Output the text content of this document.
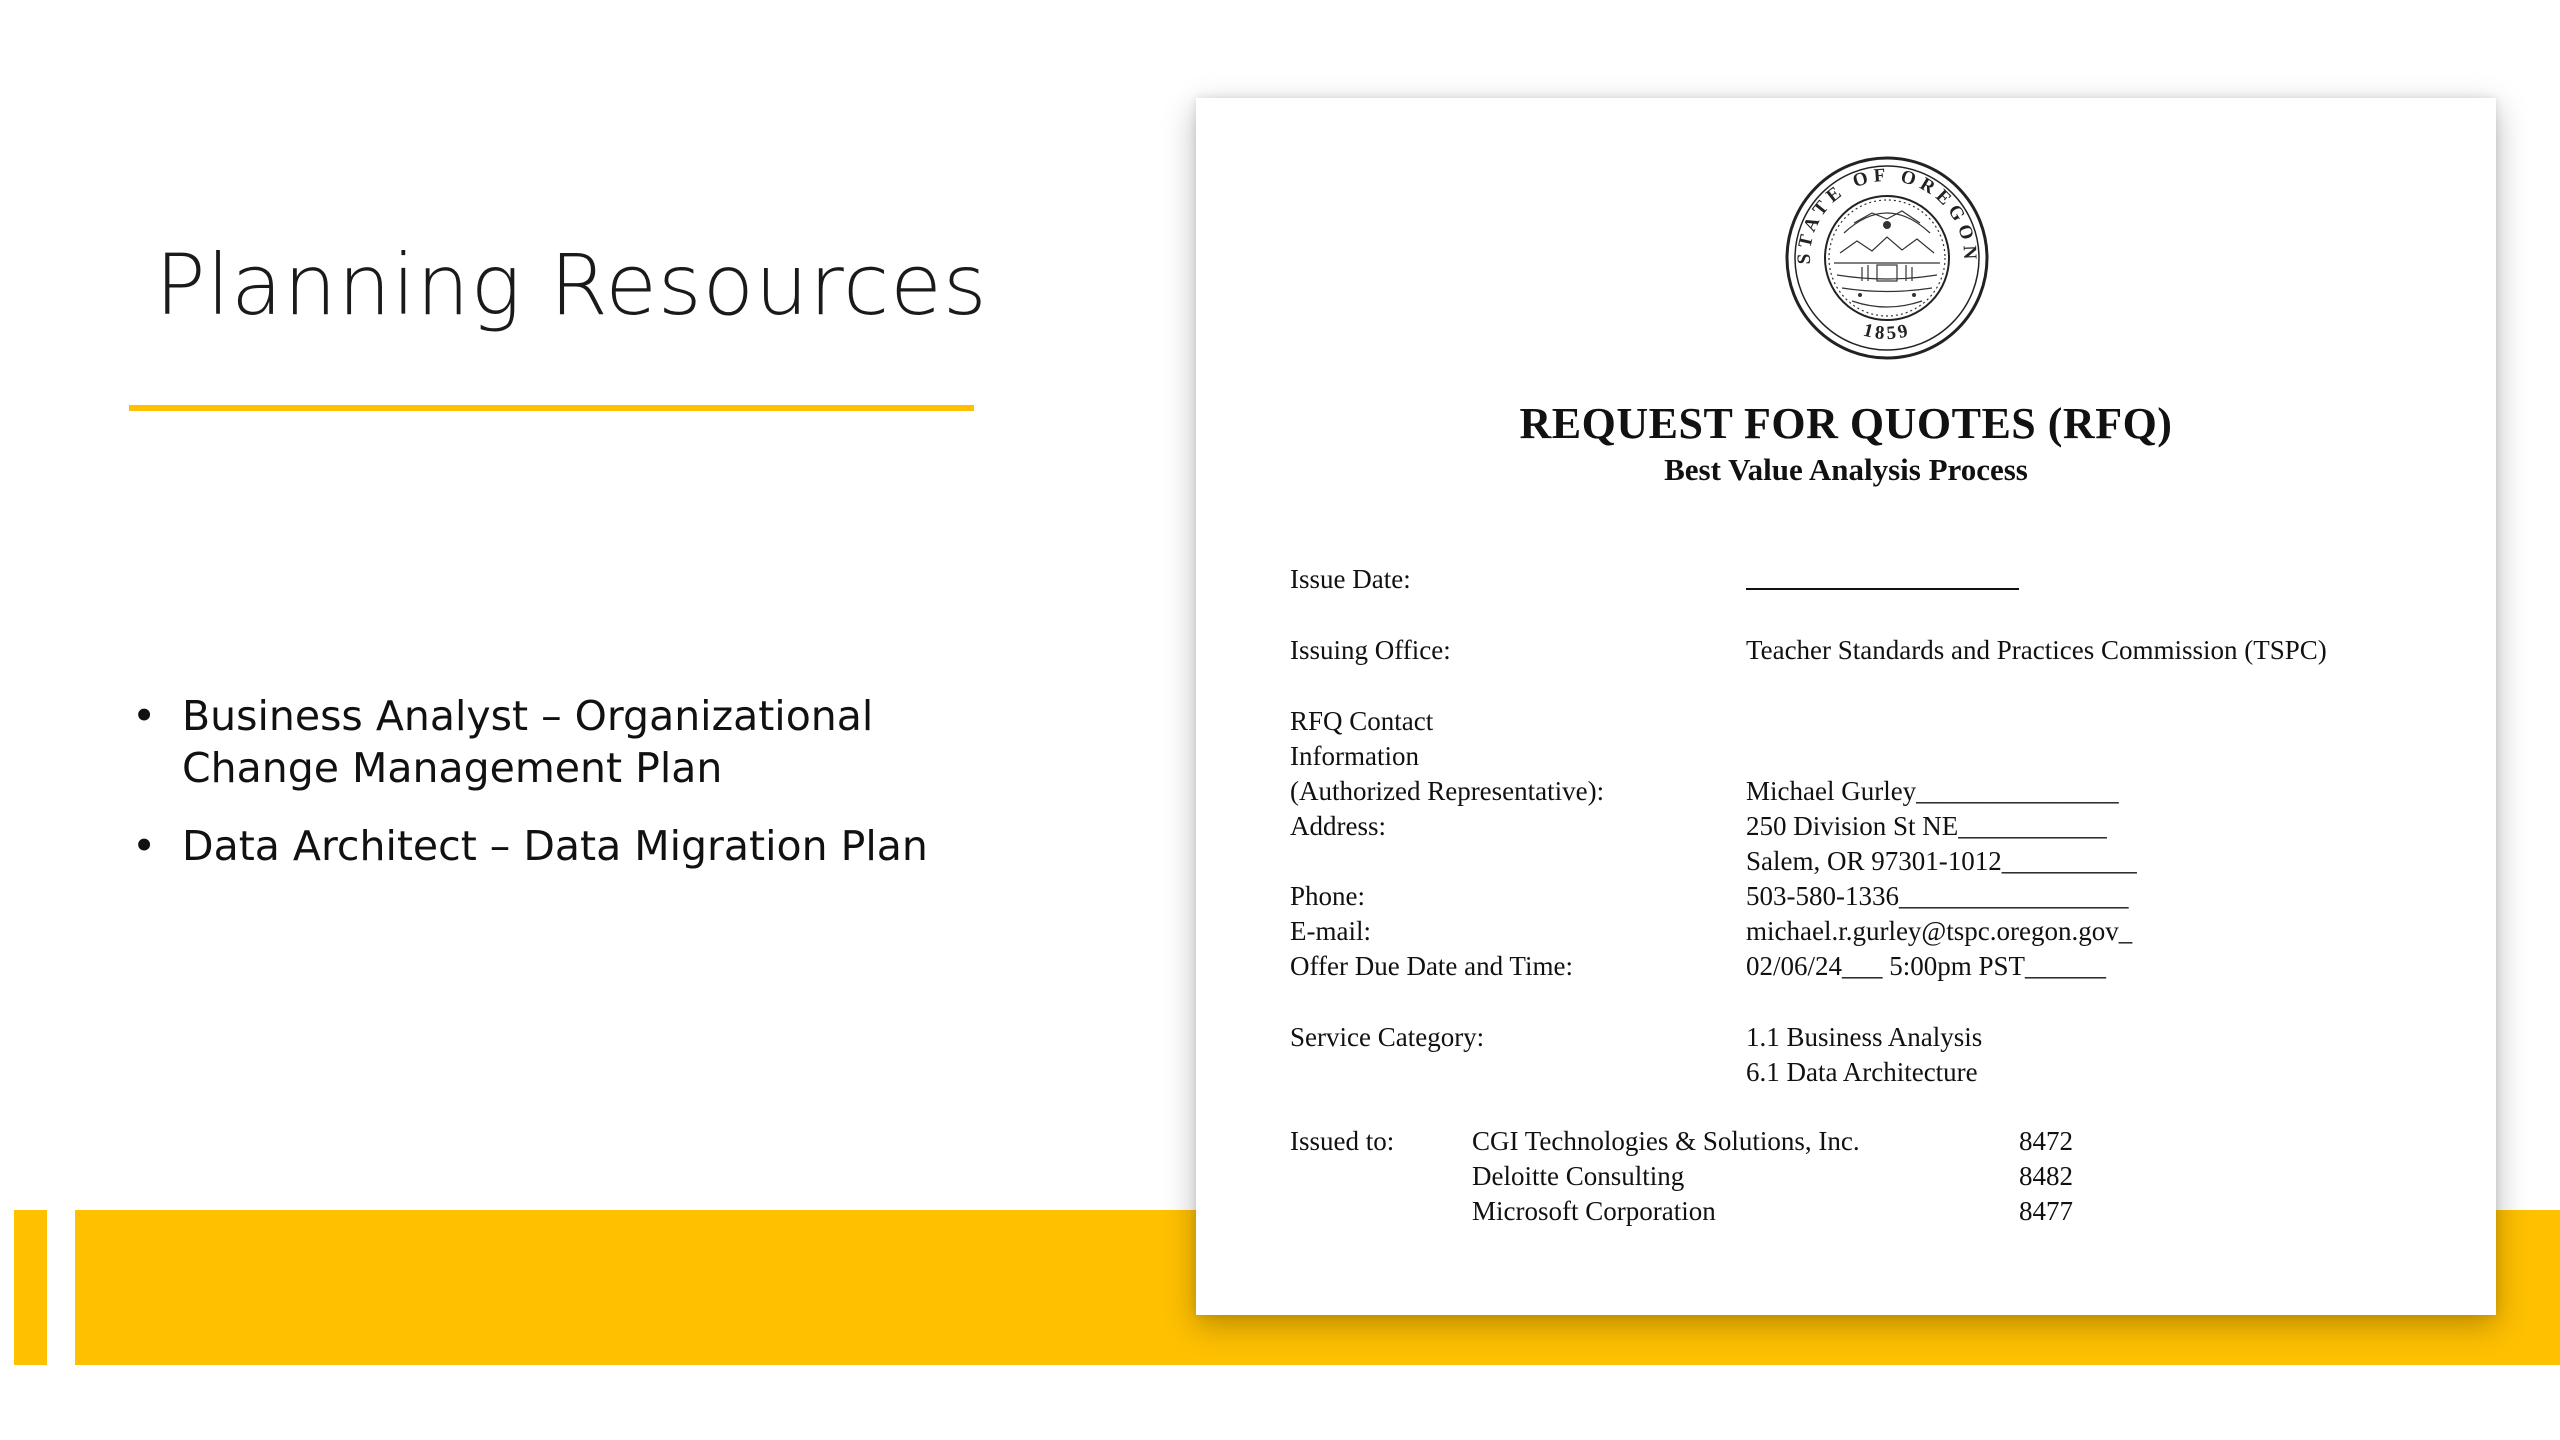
Planning Resources
• Business Analyst – Organizational
Change Management Plan
• Data Architect – Data Migration Plan
STATE OF OREGON
1859
REQUEST FOR QUOTES (RFQ)
Best Value Analysis Process
Issue Date:
Issuing Office:	Teacher Standards and Practices Commission (TSPC)
RFQ Contact
Information
(Authorized Representative):	Michael Gurley_______________
Address:	250 Division St NE___________
Salem, OR 97301-1012__________
Phone:	503-580-1336_________________
E-mail:	michael.r.gurley@tspc.oregon.gov_
Offer Due Date and Time:	02/06/24___ 5:00pm PST______
Service Category:	1.1 Business Analysis
6.1 Data Architecture
Issued to:	CGI Technologies & Solutions, Inc.	8472
Deloitte Consulting	8482
Microsoft Corporation	8477
